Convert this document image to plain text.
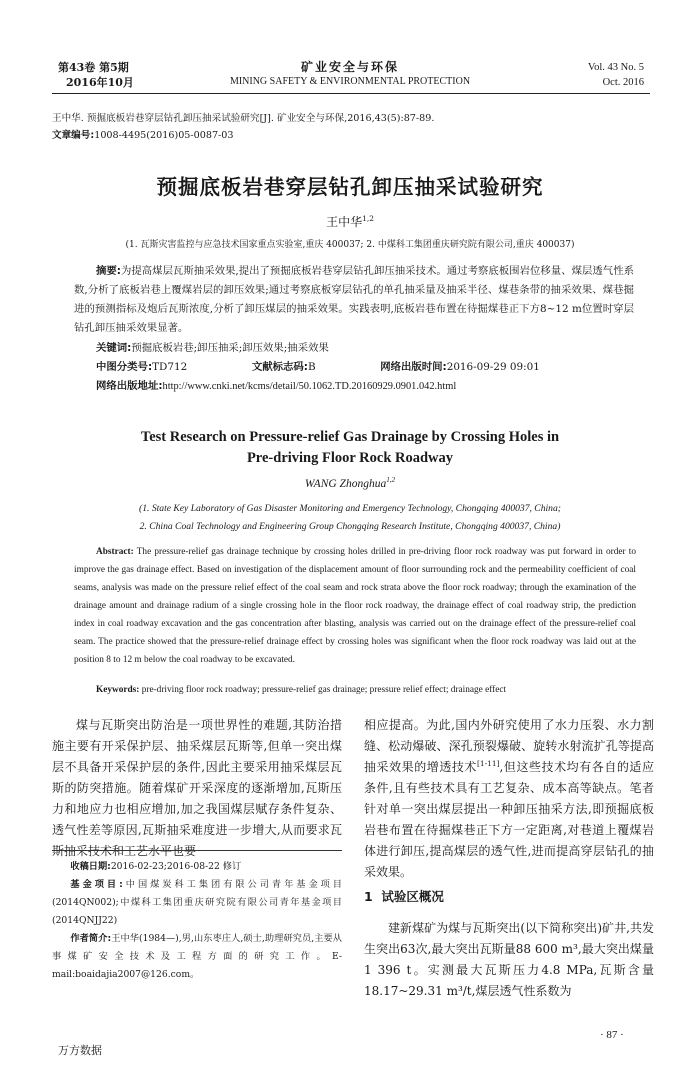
第43卷 第5期
2016年10月
矿业安全与环保
MINING SAFETY & ENVIRONMENTAL PROTECTION
Vol. 43 No. 5
Oct. 2016
王中华. 预掘底板岩巷穿层钻孔卸压抽采试验研究[J]. 矿业安全与环保,2016,43(5):87-89.
文章编号:1008-4495(2016)05-0087-03
预掘底板岩巷穿层钻孔卸压抽采试验研究
王中华$^{1,2}$
(1. 瓦斯灾害监控与应急技术国家重点实验室,重庆 400037; 2. 中煤科工集团重庆研究院有限公司,重庆 400037)
摘要:为提高煤层瓦斯抽采效果,提出了预掘底板岩巷穿层钻孔卸压抽采技术。通过考察底板围岩位移量、煤层透气性系数,分析了底板岩巷上覆煤岩层的卸压效果;通过考察底板穿层钻孔的单孔抽采量及抽采半径、煤巷条带的抽采效果、煤巷掘进的预测指标及炮后瓦斯浓度,分析了卸压煤层的抽采效果。实践表明,底板岩巷布置在待掘煤巷正下方8~12 m位置时穿层钻孔卸压抽采效果显著。
关键词:预掘底板岩巷;卸压抽采;卸压效果;抽采效果
中图分类号:TD712	文献标志码:B	网络出版时间:2016-09-29 09:01
网络出版地址:http://www.cnki.net/kcms/detail/50.1062.TD.20160929.0901.042.html
Test Research on Pressure-relief Gas Drainage by Crossing Holes in
Pre-driving Floor Rock Roadway
WANG Zhonghua$^{1,2}$
(1. State Key Laboratory of Gas Disaster Monitoring and Emergency Technology, Chongqing 400037, China;
2. China Coal Technology and Engineering Group Chongqing Research Institute, Chongqing 400037, China)
Abstract: The pressure-relief gas drainage technique by crossing holes drilled in pre-driving floor rock roadway was put forward in order to improve the gas drainage effect. Based on investigation of the displacement amount of floor surrounding rock and the permeability coefficient of coal seams, analysis was made on the pressure relief effect of the coal seam and rock strata above the floor rock roadway; through the examination of the drainage amount and drainage radium of a single crossing hole in the floor rock roadway, the drainage effect of coal roadway strip, the prediction index in coal roadway excavation and the gas concentration after blasting, analysis was carried out on the drainage effect of the pressure-relief coal seam. The practice showed that the pressure-relief drainage effect by crossing holes was significant when the floor rock roadway was laid out at the position 8 to 12 m below the coal roadway to be excavated.
Keywords: pre-driving floor rock roadway; pressure-relief gas drainage; pressure relief effect; drainage effect
煤与瓦斯突出防治是一项世界性的难题,其防治措施主要有开采保护层、抽采煤层瓦斯等,但单一突出煤层不具备开采保护层的条件,因此主要采用抽采煤层瓦斯的防突措施。随着煤矿开采深度的逐渐增加,瓦斯压力和地应力也相应增加,加之我国煤层赋存条件复杂、透气性差等原因,瓦斯抽采难度进一步增大,从而要求瓦斯抽采技术和工艺水平也要
收稿日期:2016-02-23;2016-08-22 修订
基金项目:中国煤炭科工集团有限公司青年基金项目(2014QN002);中煤科工集团重庆研究院有限公司青年基金项目(2014QNJJ22)
作者简介:王中华(1984—),男,山东枣庄人,硕士,助理研究员,主要从事煤矿安全技术及工程方面的研究工作。E-mail:boaidajia2007@126.com。
相应提高。为此,国内外研究使用了水力压裂、水力割缝、松动爆破、深孔预裂爆破、旋转水射流扩孔等提高抽采效果的增透技术[1-11],但这些技术均有各自的适应条件,且有些技术具有工艺复杂、成本高等缺点。笔者针对单一突出煤层提出一种卸压抽采方法,即预掘底板岩巷布置在待掘煤巷正下方一定距离,对巷道上覆煤岩体进行卸压,提高煤层的透气性,进而提高穿层钻孔的抽采效果。
1  试验区概况
建新煤矿为煤与瓦斯突出(以下简称突出)矿井,共发生突出63次,最大突出瓦斯量88 600 m³,最大突出煤量1 396 t。实测最大瓦斯压力4.8 MPa,瓦斯含量18.17~29.31 m³/t,煤层透气性系数为
· 87 ·
万方数据
